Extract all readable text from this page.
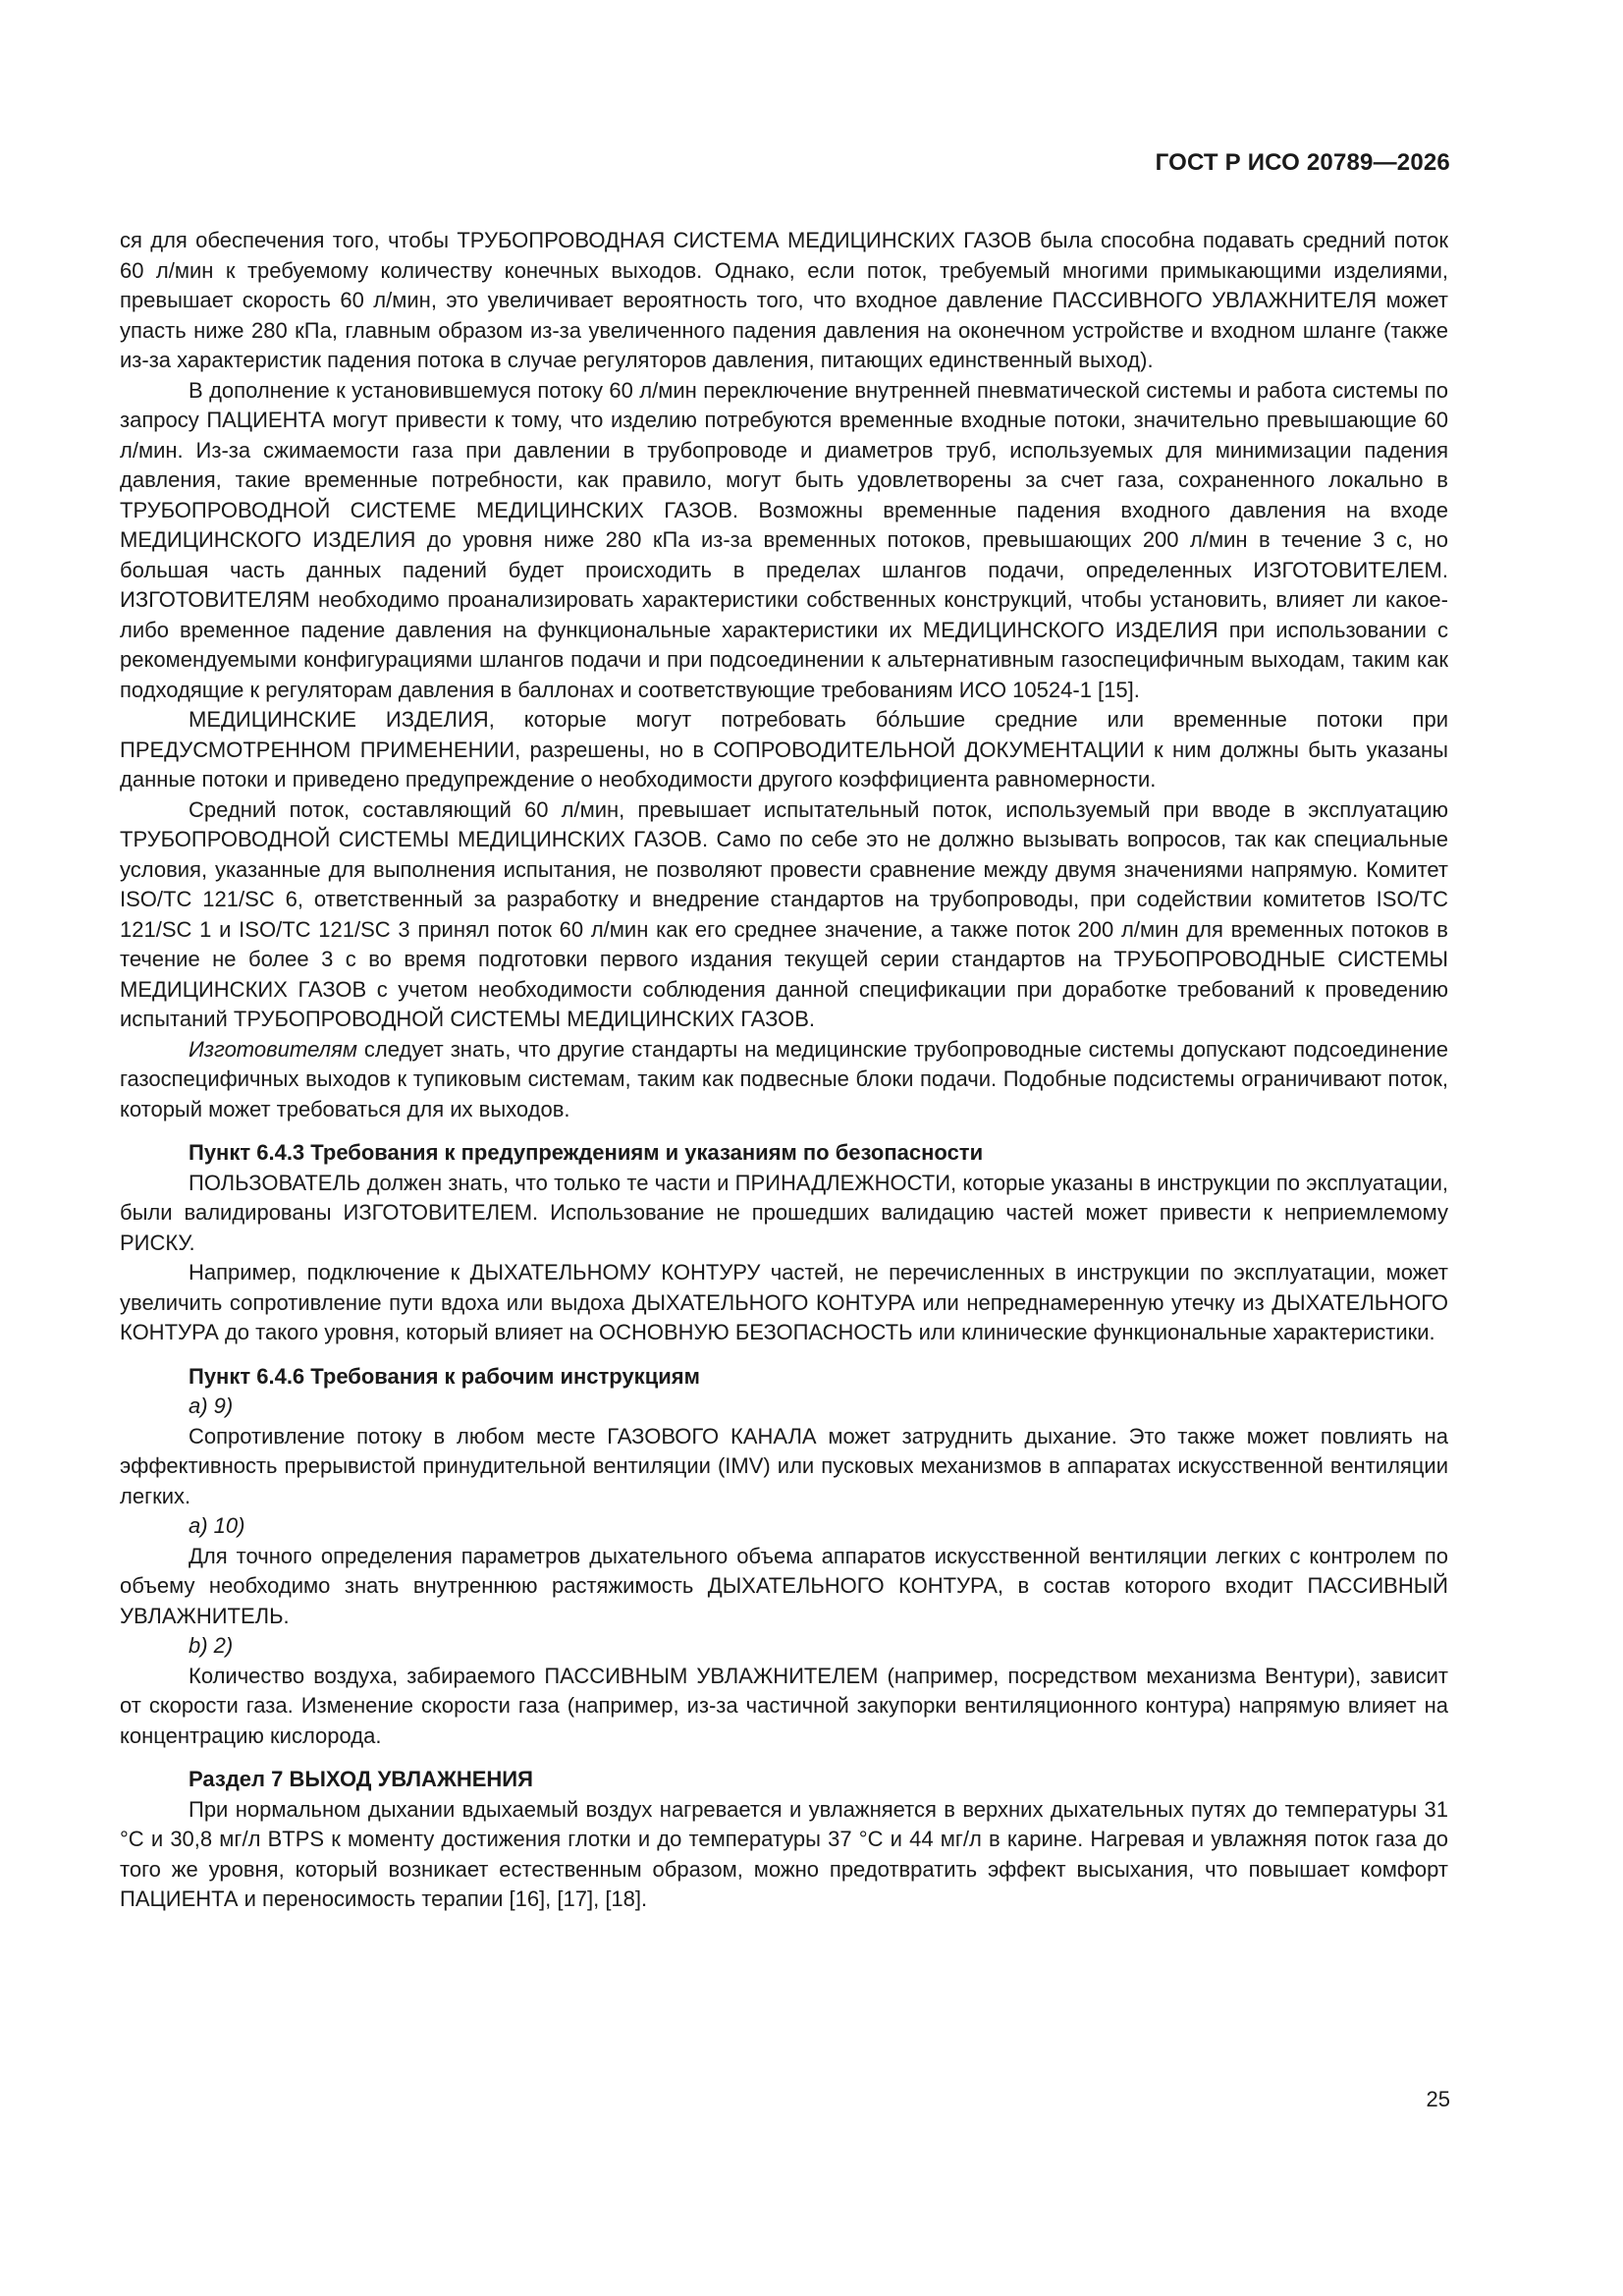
ГОСТ Р ИСО 20789—2026

ся для обеспечения того, чтобы ТРУБОПРОВОДНАЯ СИСТЕМА МЕДИЦИНСКИХ ГАЗОВ была способна подавать средний поток 60 л/мин к требуемому количеству конечных выходов. Однако, если поток, требуемый многими примыкающими изделиями, превышает скорость 60 л/мин, это увеличивает вероятность того, что входное давление ПАССИВНОГО УВЛАЖНИТЕЛЯ может упасть ниже 280 кПа, главным образом из-за увеличенного падения давления на оконечном устройстве и входном шланге (также из-за характеристик падения потока в случае регуляторов давления, питающих единственный выход).

В дополнение к установившемуся потоку 60 л/мин переключение внутренней пневматической системы и работа системы по запросу ПАЦИЕНТА могут привести к тому, что изделию потребуются временные входные потоки, значительно превышающие 60 л/мин. Из-за сжимаемости газа при давлении в трубопроводе и диаметров труб, используемых для минимизации падения давления, такие временные потребности, как правило, могут быть удовлетворены за счет газа, сохраненного локально в ТРУБОПРОВОДНОЙ СИСТЕМЕ МЕДИЦИНСКИХ ГАЗОВ. Возможны временные падения входного давления на входе МЕДИЦИНСКОГО ИЗДЕЛИЯ до уровня ниже 280 кПа из-за временных потоков, превышающих 200 л/мин в течение 3 с, но большая часть данных падений будет происходить в пределах шлангов подачи, определенных ИЗГОТОВИТЕЛЕМ. ИЗГОТОВИТЕЛЯМ необходимо проанализировать характеристики собственных конструкций, чтобы установить, влияет ли какое-либо временное падение давления на функциональные характеристики их МЕДИЦИНСКОГО ИЗДЕЛИЯ при использовании с рекомендуемыми конфигурациями шлангов подачи и при подсоединении к альтернативным газоспецифичным выходам, таким как подходящие к регуляторам давления в баллонах и соответствующие требованиям ИСО 10524-1 [15].

МЕДИЦИНСКИЕ ИЗДЕЛИЯ, которые могут потребовать бóльшие средние или временные потоки при ПРЕДУСМОТРЕННОМ ПРИМЕНЕНИИ, разрешены, но в СОПРОВОДИТЕЛЬНОЙ ДОКУМЕНТАЦИИ к ним должны быть указаны данные потоки и приведено предупреждение о необходимости другого коэффициента равномерности.

Средний поток, составляющий 60 л/мин, превышает испытательный поток, используемый при вводе в эксплуатацию ТРУБОПРОВОДНОЙ СИСТЕМЫ МЕДИЦИНСКИХ ГАЗОВ. Само по себе это не должно вызывать вопросов, так как специальные условия, указанные для выполнения испытания, не позволяют провести сравнение между двумя значениями напрямую. Комитет ISO/TC 121/SC 6, ответственный за разработку и внедрение стандартов на трубопроводы, при содействии комитетов ISO/TC 121/SC 1 и ISO/TC 121/SC 3 принял поток 60 л/мин как его среднее значение, а также поток 200 л/мин для временных потоков в течение не более 3 с во время подготовки первого издания текущей серии стандартов на ТРУБОПРОВОДНЫЕ СИСТЕМЫ МЕДИЦИНСКИХ ГАЗОВ с учетом необходимости соблюдения данной спецификации при доработке требований к проведению испытаний ТРУБОПРОВОДНОЙ СИСТЕМЫ МЕДИЦИНСКИХ ГАЗОВ.

Изготовителям следует знать, что другие стандарты на медицинские трубопроводные системы допускают подсоединение газоспецифичных выходов к тупиковым системам, таким как подвесные блоки подачи. Подобные подсистемы ограничивают поток, который может требоваться для их выходов.

Пункт 6.4.3 Требования к предупреждениям и указаниям по безопасности

ПОЛЬЗОВАТЕЛЬ должен знать, что только те части и ПРИНАДЛЕЖНОСТИ, которые указаны в инструкции по эксплуатации, были валидированы ИЗГОТОВИТЕЛЕМ. Использование не прошедших валидацию частей может привести к неприемлемому РИСКУ.

Например, подключение к ДЫХАТЕЛЬНОМУ КОНТУРУ частей, не перечисленных в инструкции по эксплуатации, может увеличить сопротивление пути вдоха или выдоха ДЫХАТЕЛЬНОГО КОНТУРА или непреднамеренную утечку из ДЫХАТЕЛЬНОГО КОНТУРА до такого уровня, который влияет на ОСНОВНУЮ БЕЗОПАСНОСТЬ или клинические функциональные характеристики.

Пункт 6.4.6 Требования к рабочим инструкциям

a) 9)

Сопротивление потоку в любом месте ГАЗОВОГО КАНАЛА может затруднить дыхание. Это также может повлиять на эффективность прерывистой принудительной вентиляции (IMV) или пусковых механизмов в аппаратах искусственной вентиляции легких.

a) 10)

Для точного определения параметров дыхательного объема аппаратов искусственной вентиляции легких с контролем по объему необходимо знать внутреннюю растяжимость ДЫХАТЕЛЬНОГО КОНТУРА, в состав которого входит ПАССИВНЫЙ УВЛАЖНИТЕЛЬ.

b) 2)

Количество воздуха, забираемого ПАССИВНЫМ УВЛАЖНИТЕЛЕМ (например, посредством механизма Вентури), зависит от скорости газа. Изменение скорости газа (например, из-за частичной закупорки вентиляционного контура) напрямую влияет на концентрацию кислорода.

Раздел 7 ВЫХОД УВЛАЖНЕНИЯ

При нормальном дыхании вдыхаемый воздух нагревается и увлажняется в верхних дыхательных путях до температуры 31 °С и 30,8 мг/л BTPS к моменту достижения глотки и до температуры 37 °С и 44 мг/л в карине. Нагревая и увлажняя поток газа до того же уровня, который возникает естественным образом, можно предотвратить эффект высыхания, что повышает комфорт ПАЦИЕНТА и переносимость терапии [16], [17], [18].

25
